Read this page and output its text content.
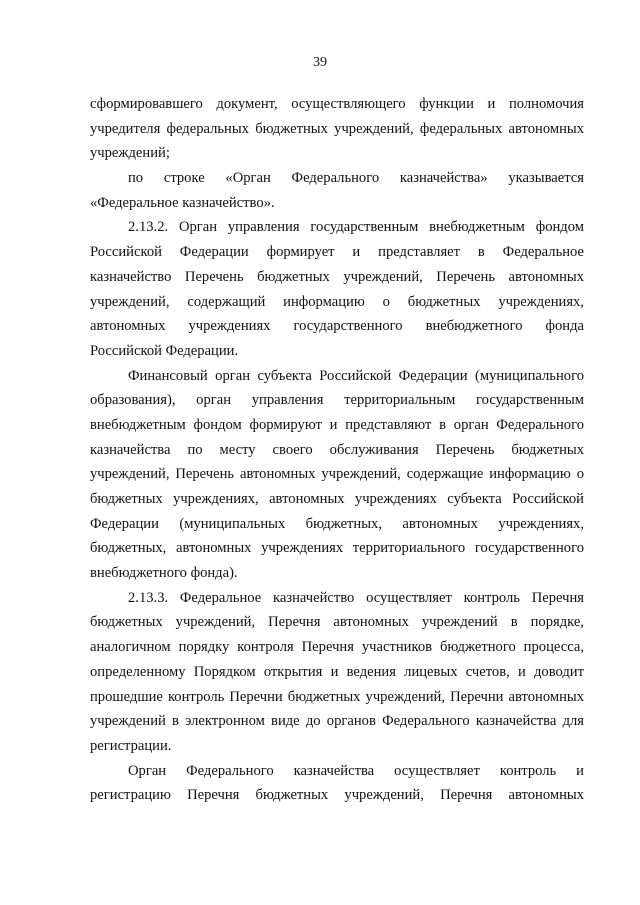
39
сформировавшего документ, осуществляющего функции и полномочия
учредителя федеральных бюджетных учреждений, федеральных автономных
учреждений;
по строке «Орган Федерального казначейства» указывается
«Федеральное казначейство».
2.13.2. Орган управления государственным внебюджетным фондом
Российской Федерации формирует и представляет в Федеральное
казначейство Перечень бюджетных учреждений, Перечень автономных
учреждений, содержащий информацию о бюджетных учреждениях,
автономных учреждениях государственного внебюджетного фонда
Российской Федерации.
Финансовый орган субъекта Российской Федерации (муниципального
образования), орган управления территориальным государственным
внебюджетным фондом формируют и представляют в орган Федерального
казначейства по месту своего обслуживания Перечень бюджетных
учреждений, Перечень автономных учреждений, содержащие информацию о
бюджетных учреждениях, автономных учреждениях субъекта Российской
Федерации (муниципальных бюджетных, автономных учреждениях,
бюджетных, автономных учреждениях территориального государственного
внебюджетного фонда).
2.13.3. Федеральное казначейство осуществляет контроль Перечня
бюджетных учреждений, Перечня автономных учреждений в порядке,
аналогичном порядку контроля Перечня участников бюджетного процесса,
определенному Порядком открытия и ведения лицевых счетов, и доводит
прошедшие контроль Перечни бюджетных учреждений, Перечни автономных
учреждений в электронном виде до органов Федерального казначейства для
регистрации.
Орган Федерального казначейства осуществляет контроль и
регистрацию Перечня бюджетных учреждений, Перечня автономных
